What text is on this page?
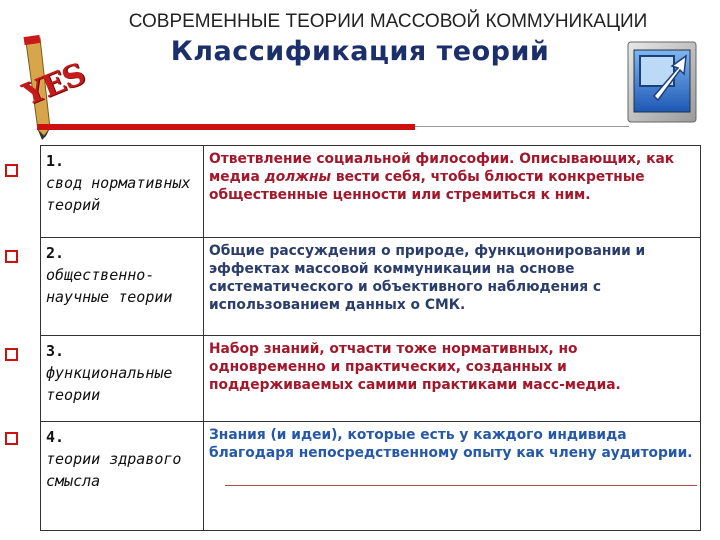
СОВРЕМЕННЫЕ ТЕОРИИ МАССОВОЙ КОММУНИКАЦИИ
Классификация теорий
YES
1.
свод нормативных теорий	Ответвление социальной философии. Описывающих, как медиа должны вести себя, чтобы блюсти конкретные общественные ценности или стремиться к ним.

2.
общественно-научные теории	Общие рассуждения о природе, функционировании и эффектах массовой коммуникации на основе систематического и объективного наблюдения с использованием данных о СМК.

3.
функциональные теории	Набор знаний, отчасти тоже нормативных, но одновременно и практических, созданных и поддерживаемых самими практиками масс-медиа.

4.
теории здравого смысла	Знания (и идеи), которые есть у каждого индивида благодаря непосредственному опыту как члену аудитории.
